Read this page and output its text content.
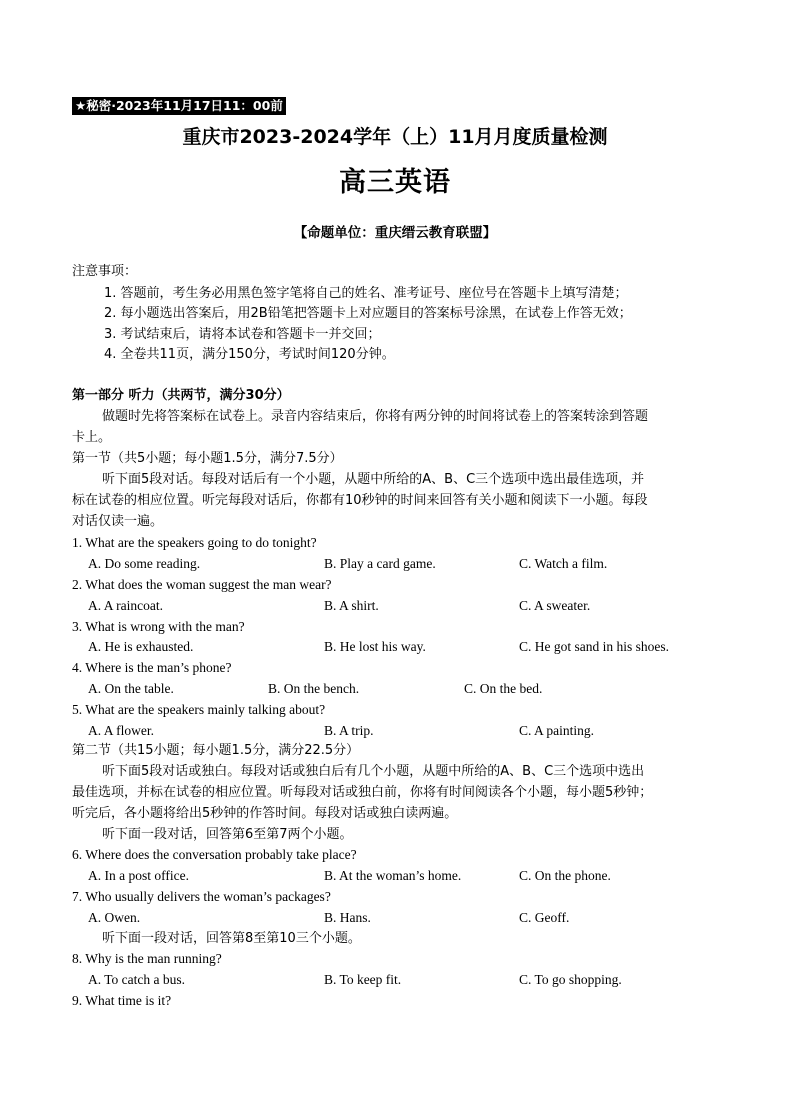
★秘密·2023年11月17日11：00前
重庆市2023-2024学年（上）11月月度质量检测
高三英语
【命题单位：重庆缙云教育联盟】
注意事项：
1. 答题前，考生务必用黑色签字笔将自己的姓名、准考证号、座位号在答题卡上填写清楚；
2. 每小题选出答案后，用2B铅笔把答题卡上对应题目的答案标号涂黑，在试卷上作答无效；
3. 考试结束后，请将本试卷和答题卡一并交回；
4. 全卷共11页，满分150分，考试时间120分钟。
第一部分 听力（共两节，满分30分）
做题时先将答案标在试卷上。录音内容结束后，你将有两分钟的时间将试卷上的答案转涂到答题
卡上。
第一节（共5小题；每小题1.5分，满分7.5分）
听下面5段对话。每段对话后有一个小题，从题中所给的A、B、C三个选项中选出最佳选项，并
标在试卷的相应位置。听完每段对话后，你都有10秒钟的时间来回答有关小题和阅读下一小题。每段
对话仅读一遍。
1. What are the speakers going to do tonight?
A. Do some reading.	B. Play a card game.	C. Watch a film.
2. What does the woman suggest the man wear?
A. A raincoat.	B. A shirt.	C. A sweater.
3. What is wrong with the man?
A. He is exhausted.	B. He lost his way.	C. He got sand in his shoes.
4. Where is the man’s phone?
A. On the table.	B. On the bench.	C. On the bed.
5. What are the speakers mainly talking about?
A. A flower.	B. A trip.	C. A painting.
第二节（共15小题；每小题1.5分，满分22.5分）
听下面5段对话或独白。每段对话或独白后有几个小题，从题中所给的A、B、C三个选项中选出
最佳选项，并标在试卷的相应位置。听每段对话或独白前，你将有时间阅读各个小题，每小题5秒钟；
听完后，各小题将给出5秒钟的作答时间。每段对话或独白读两遍。
听下面一段对话，回答第6至第7两个小题。
6. Where does the conversation probably take place?
A. In a post office.	B. At the woman’s home.	C. On the phone.
7. Who usually delivers the woman’s packages?
A. Owen.	B. Hans.	C. Geoff.
听下面一段对话，回答第8至第10三个小题。
8. Why is the man running?
A. To catch a bus.	B. To keep fit.	C. To go shopping.
9. What time is it?
